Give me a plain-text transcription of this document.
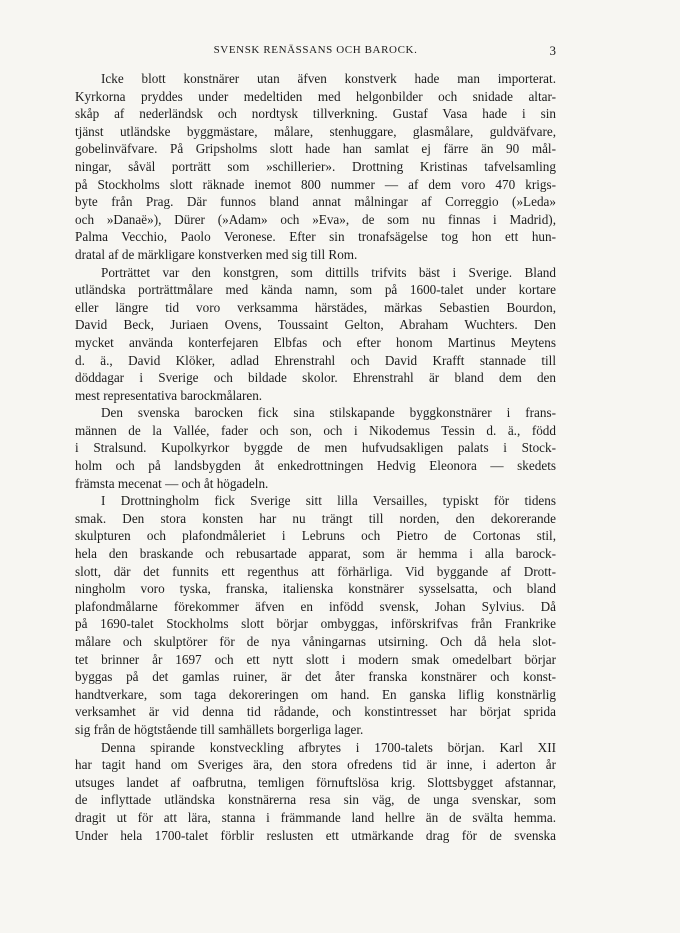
SVENSK RENÄSSANS OCH BAROCK.	3

Icke blott konstnärer utan äfven konstverk hade man importerat.

Kyrkorna pryddes under medeltiden med helgonbilder och snidade altar-

skåp af nederländsk och nordtysk tillverkning. Gustaf Vasa hade i sin

tjänst utländske byggmästare, målare, stenhuggare, glasmålare, guldväfvare,

gobelinväfvare. På Gripsholms slott hade han samlat ej färre än 90 mål-

ningar, såväl porträtt som »schillerier». Drottning Kristinas tafvelsamling

på Stockholms slott räknade inemot 800 nummer — af dem voro 470 krigs-

byte från Prag. Där funnos bland annat målningar af Correggio (»Leda»

och »Danaë»), Dürer (»Adam» och »Eva», de som nu finnas i Madrid),

Palma Vecchio, Paolo Veronese. Efter sin tronafsägelse tog hon ett hun-

dratal af de märkligare konstverken med sig till Rom.

Porträttet var den konstgren, som dittills trifvits bäst i Sverige. Bland

utländska porträttmålare med kända namn, som på 1600-talet under kortare

eller längre tid voro verksamma härstädes, märkas Sebastien Bourdon,

David Beck, Juriaen Ovens, Toussaint Gelton, Abraham Wuchters. Den

mycket använda konterfejaren Elbfas och efter honom Martinus Meytens

d. ä., David Klöker, adlad Ehrenstrahl och David Krafft stannade till

döddagar i Sverige och bildade skolor. Ehrenstrahl är bland dem den

mest representativa barockmålaren.

Den svenska barocken fick sina stilskapande byggkonstnärer i frans-

männen de la Vallée, fader och son, och i Nikodemus Tessin d. ä., född

i Stralsund. Kupolkyrkor byggde de men hufvudsakligen palats i Stock-

holm och på landsbygden åt enkedrottningen Hedvig Eleonora — skedets

främsta mecenat — och åt högadeln.

I Drottningholm fick Sverige sitt lilla Versailles, typiskt för tidens

smak. Den stora konsten har nu trängt till norden, den dekorerande

skulpturen och plafondmåleriet i Lebruns och Pietro de Cortonas stil,

hela den braskande och rebusartade apparat, som är hemma i alla barock-

slott, där det funnits ett regenthus att förhärliga. Vid byggande af Drott-

ningholm voro tyska, franska, italienska konstnärer sysselsatta, och bland

plafondmålarne förekommer äfven en infödd svensk, Johan Sylvius. Då

på 1690-talet Stockholms slott börjar ombyggas, införskrifvas från Frankrike

målare och skulptörer för de nya våningarnas utsirning. Och då hela slot-

tet brinner år 1697 och ett nytt slott i modern smak omedelbart börjar

byggas på det gamlas ruiner, är det åter franska konstnärer och konst-

handtverkare, som taga dekoreringen om hand. En ganska liflig konstnärlig

verksamhet är vid denna tid rådande, och konstintresset har börjat sprida

sig från de högtstående till samhällets borgerliga lager.

Denna spirande konstveckling afbrytes i 1700-talets början. Karl XII

har tagit hand om Sveriges ära, den stora ofredens tid är inne, i aderton år

utsuges landet af oafbrutna, temligen förnuftslösa krig. Slottsbygget afstannar,

de inflyttade utländska konstnärerna resa sin väg, de unga svenskar, som

dragit ut för att lära, stanna i främmande land hellre än de svälta hemma.

Under hela 1700-talet förblir reslusten ett utmärkande drag för de svenska
